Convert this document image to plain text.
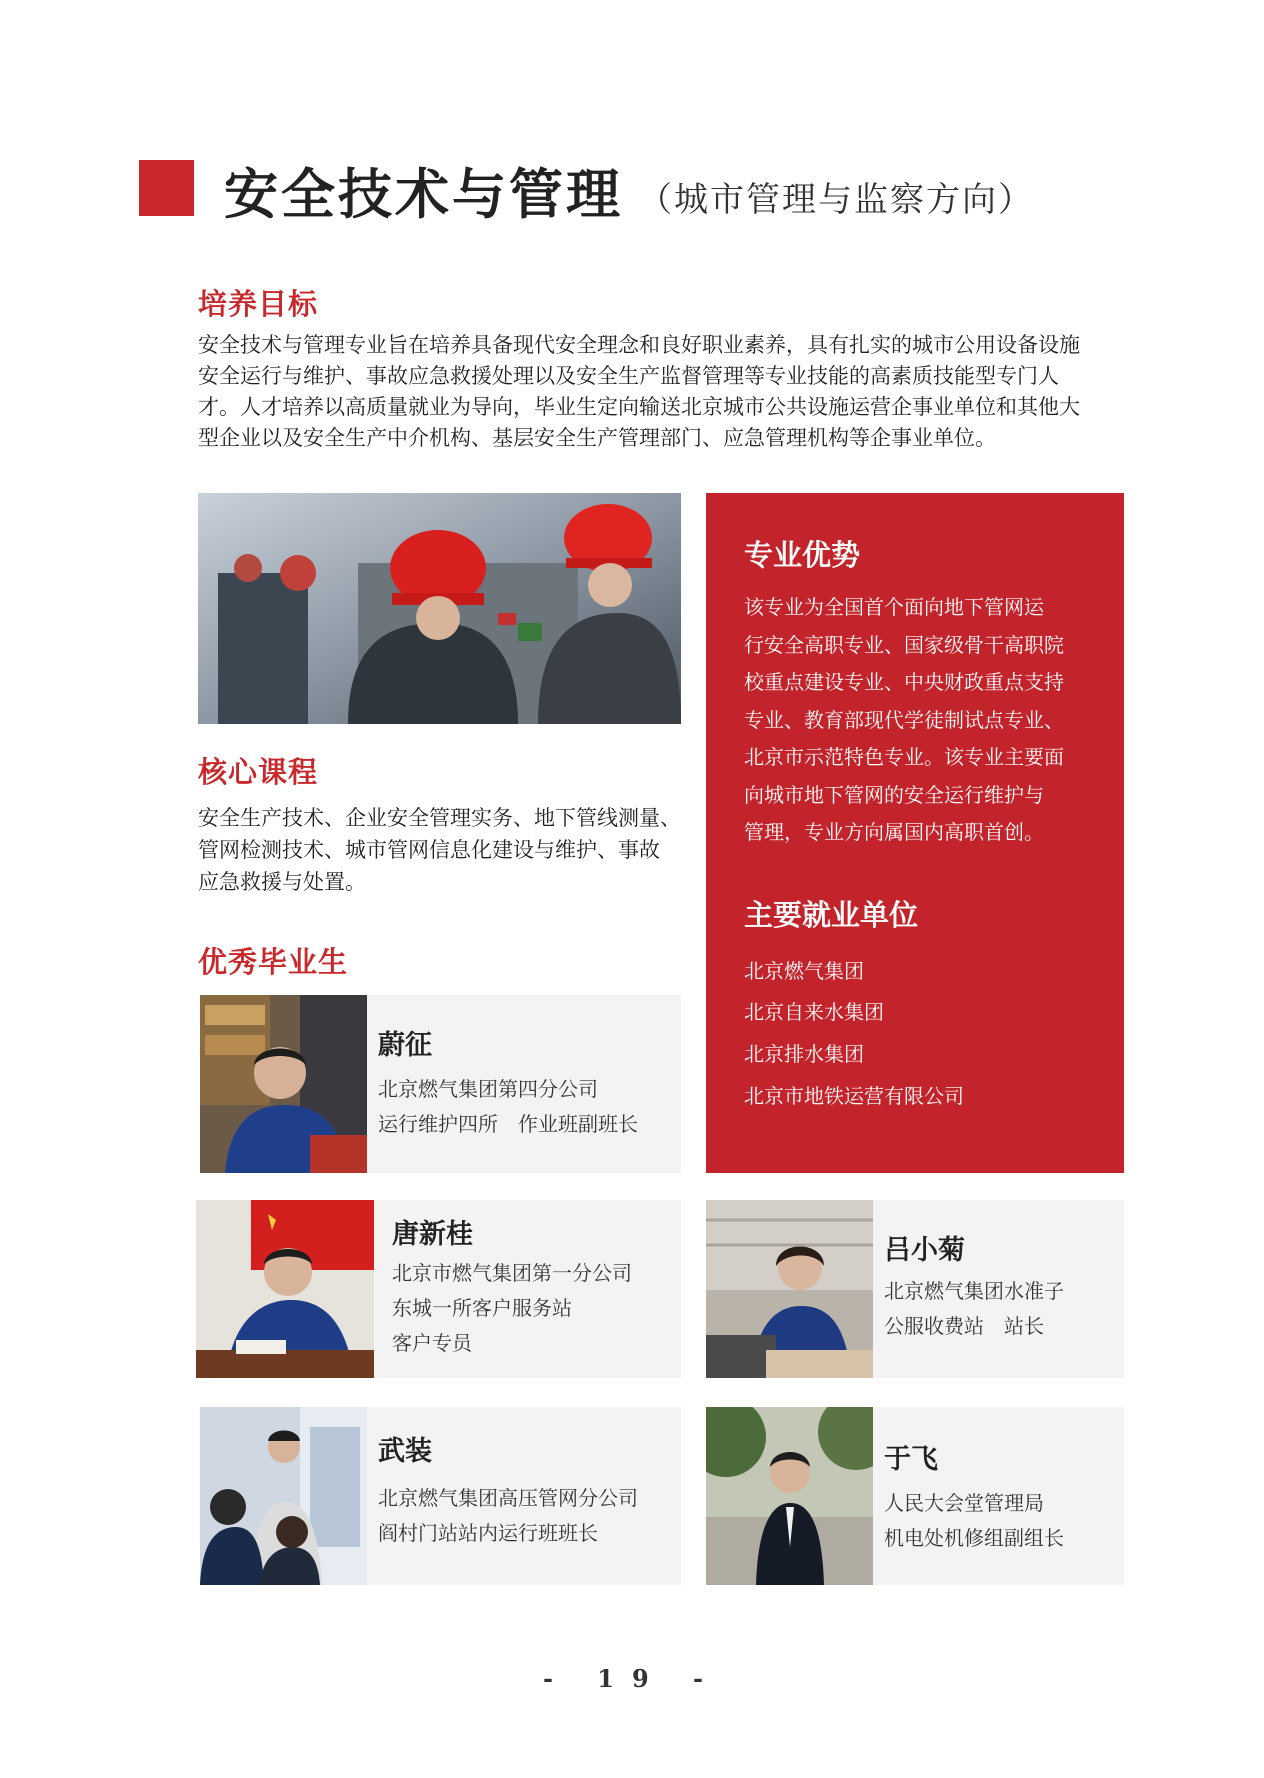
安全技术与管理 （城市管理与监察方向）
培养目标
安全技术与管理专业旨在培养具备现代安全理念和良好职业素养，具有扎实的城市公用设备设施
安全运行与维护、事故应急救援处理以及安全生产监督管理等专业技能的高素质技能型专门人
才。人才培养以高质量就业为导向，毕业生定向输送北京城市公共设施运营企事业单位和其他大
型企业以及安全生产中介机构、基层安全生产管理部门、应急管理机构等企事业单位。
核心课程
安全生产技术、企业安全管理实务、地下管线测量、
管网检测技术、城市管网信息化建设与维护、事故
应急救援与处置。
专业优势
该专业为全国首个面向地下管网运
行安全高职专业、国家级骨干高职院
校重点建设专业、中央财政重点支持
专业、教育部现代学徒制试点专业、
北京市示范特色专业。该专业主要面
向城市地下管网的安全运行维护与
管理，专业方向属国内高职首创。
主要就业单位
北京燃气集团
北京自来水集团
北京排水集团
北京市地铁运营有限公司
优秀毕业生
蔚征
北京燃气集团第四分公司
运行维护四所　作业班副班长
唐新桂
北京市燃气集团第一分公司
东城一所客户服务站
客户专员
吕小菊
北京燃气集团水准子
公服收费站　站长
武装
北京燃气集团高压管网分公司
阎村门站站内运行班班长
于飞
人民大会堂管理局
机电处机修组副组长
- 19 -
